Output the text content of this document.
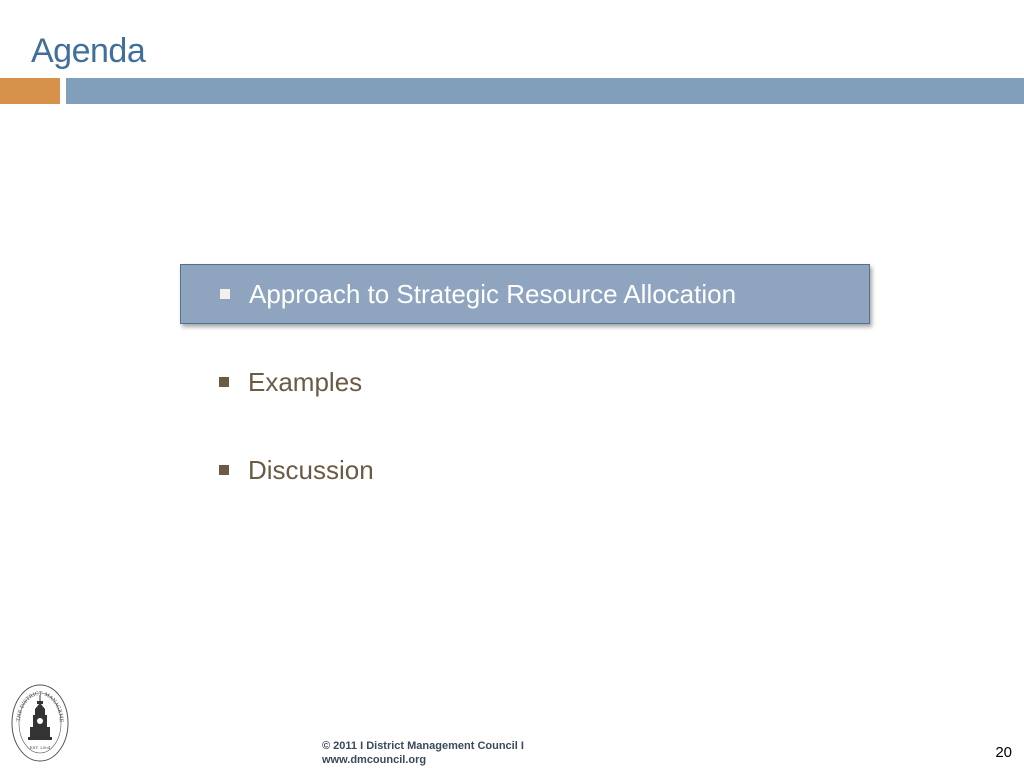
Agenda
Approach to Strategic Resource Allocation
Examples
Discussion
THE DISTRICT MANAGEME
EST. 2004	© 2011 I District Management Council I
www.dmcouncil.org	20
